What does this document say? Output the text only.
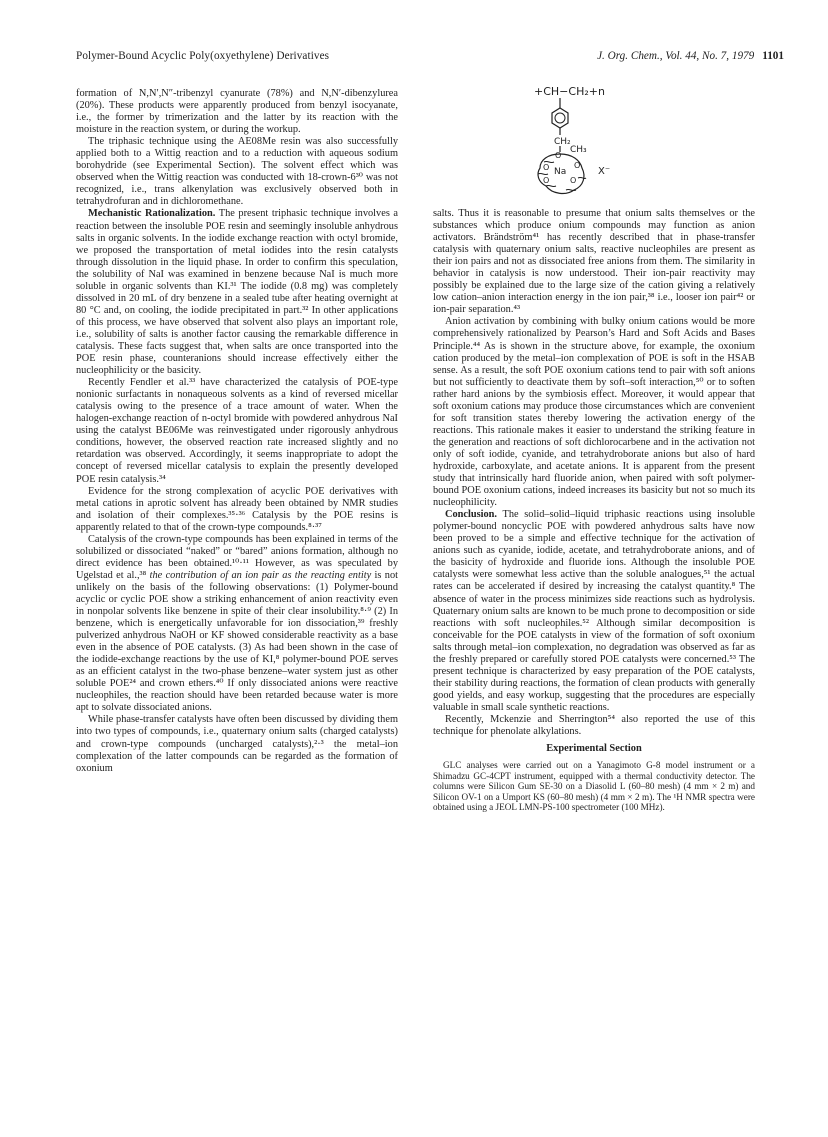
Polymer-Bound Acyclic Poly(oxyethylene) Derivatives	J. Org. Chem., Vol. 44, No. 7, 1979 1101
+CH−CH₂+n
CH₂
CH₃
O
O
O	O
O
Na	X⁻

formation of N,N′,N″-tribenzyl cyanurate (78%) and N,N′-dibenzylurea (20%). These products were apparently produced from benzyl isocyanate, i.e., the former by trimerization and the latter by its reaction with the moisture in the reaction system, or during the workup.

The triphasic technique using the AE08Me resin was also successfully applied both to a Wittig reaction and to a reduction with aqueous sodium borohydride (see Experimental Section). The solvent effect which was observed when the Wittig reaction was conducted with 18-crown-6³⁰ was not recognized, i.e., trans alkenylation was exclusively observed both in tetrahydrofuran and in dichloromethane.

Mechanistic Rationalization. The present triphasic technique involves a reaction between the insoluble POE resin and seemingly insoluble anhydrous salts in organic solvents. In the iodide exchange reaction with octyl bromide, we proposed the transportation of metal iodides into the resin catalysts through dissolution in the liquid phase. In order to confirm this speculation, the solubility of NaI was examined in benzene because NaI is much more soluble in organic solvents than KI.³¹ The iodide (0.8 mg) was completely dissolved in 20 mL of dry benzene in a sealed tube after heating overnight at 80 °C and, on cooling, the iodide precipitated in part.³² In other applications of this process, we have observed that solvent also plays an important role, i.e., solubility of salts is another factor causing the remarkable difference in catalysis. These facts suggest that, when salts are once transported into the POE resin phase, counteranions should increase effectively either the nucleophilicity or the basicity.

Recently Fendler et al.³³ have characterized the catalysis of POE-type nonionic surfactants in nonaqueous solvents as a kind of reversed micellar catalysis owing to the presence of a trace amount of water. When the halogen-exchange reaction of n-octyl bromide with powdered anhydrous NaI using the catalyst BE06Me was reinvestigated under rigorously anhydrous conditions, however, the observed reaction rate increased slightly and no retardation was observed. Accordingly, it seems inappropriate to adopt the concept of reversed micellar catalysis to explain the presently developed POE resin catalysis.³⁴

Evidence for the strong complexation of acyclic POE derivatives with metal cations in aprotic solvent has already been obtained by NMR studies and isolation of their complexes.³⁵·³⁶ Catalysis by the POE resins is apparently related to that of the crown-type compounds.⁸·³⁷

Catalysis of the crown-type compounds has been explained in terms of the solubilized or dissociated “naked” or “bared” anions formation, although no direct evidence has been obtained.¹⁰·¹¹ However, as was speculated by Ugelstad et al.,³⁸ the contribution of an ion pair as the reacting entity is not unlikely on the basis of the following observations: (1) Polymer-bound acyclic or cyclic POE show a striking enhancement of anion reactivity even in nonpolar solvents like benzene in spite of their clear insolubility.⁸·⁹ (2) In benzene, which is energetically unfavorable for ion dissociation,³⁹ freshly pulverized anhydrous NaOH or KF showed considerable reactivity as a base even in the absence of POE catalysts. (3) As had been shown in the case of the iodide-exchange reactions by the use of KI,⁸ polymer-bound POE serves as an efficient catalyst in the two-phase benzene–water system just as other soluble POE²⁴ and crown ethers.⁴⁰ If only dissociated anions were reactive nucleophiles, the reaction should have been retarded because water is more apt to solvate dissociated anions.

While phase-transfer catalysts have often been discussed by dividing them into two types of compounds, i.e., quaternary onium salts (charged catalysts) and crown-type compounds (uncharged catalysts),²·³ the metal–ion complexation of the latter compounds can be regarded as the formation of oxonium

salts. Thus it is reasonable to presume that onium salts themselves or the substances which produce onium compounds may function as anion activators. Brändström⁴¹ has recently described that in phase-transfer catalysis with quaternary onium salts, reactive nucleophiles are present as their ion pairs and not as dissociated free anions from them. The similarity in behavior in catalysis is now understood. Their ion-pair reactivity may possibly be explained due to the large size of the cation giving a relatively low cation–anion interaction energy in the ion pair,³⁸ i.e., looser ion pair⁴² or ion-pair separation.⁴³

Anion activation by combining with bulky onium cations would be more comprehensively rationalized by Pearson’s Hard and Soft Acids and Bases Principle.⁴⁴ As is shown in the structure above, for example, the oxonium cation produced by the metal–ion complexation of POE is soft in the HSAB sense. As a result, the soft POE oxonium cations tend to pair with soft anions but not sufficiently to deactivate them by soft–soft interaction,⁵⁰ or to soften rather hard anions by the symbiosis effect. Moreover, it would appear that soft oxonium cations may produce those circumstances which are convenient for soft transition states thereby lowering the activation energy of the reactions. This rationale makes it easier to understand the striking feature in the generation and reactions of soft dichlorocarbene and in the activation not only of soft iodide, cyanide, and tetrahydroborate anions but also of hard hydroxide, carboxylate, and acetate anions. It is apparent from the present study that intrinsically hard fluoride anion, when paired with soft polymer-bound POE oxonium cations, indeed increases its basicity but not so much its nucleophilicity.

Conclusion. The solid–solid–liquid triphasic reactions using insoluble polymer-bound noncyclic POE with powdered anhydrous salts have now been proved to be a simple and effective technique for the activation of anions such as cyanide, iodide, acetate, and tetrahydroborate anions, and of the basicity of hydroxide and fluoride ions. Although the insoluble POE catalysts were somewhat less active than the soluble analogues,⁵¹ the actual rates can be accelerated if desired by increasing the catalyst quantity.⁸ The absence of water in the process minimizes side reactions such as hydrolysis. Quaternary onium salts are known to be much prone to decomposition or side reactions with soft nucleophiles.⁵² Although similar decomposition is conceivable for the POE catalysts in view of the formation of soft oxonium salts through metal–ion complexation, no degradation was observed as far as the freshly prepared or carefully stored POE catalysts were concerned.⁵³ The present technique is characterized by easy preparation of the POE catalysts, their stability during reactions, the formation of clean products with generally good yields, and easy workup, suggesting that the procedures are especially valuable in small scale synthetic reactions.

Recently, Mckenzie and Sherrington⁵⁴ also reported the use of this technique for phenolate alkylations.

Experimental Section

GLC analyses were carried out on a Yanagimoto G-8 model instrument or a Shimadzu GC-4CPT instrument, equipped with a thermal conductivity detector. The columns were Silicon Gum SE-30 on a Diasolid L (60–80 mesh) (4 mm × 2 m) and Silicon OV-1 on a Umport KS (60–80 mesh) (4 mm × 2 m). The ¹H NMR spectra were obtained using a JEOL LMN-PS-100 spectrometer (100 MHz).
